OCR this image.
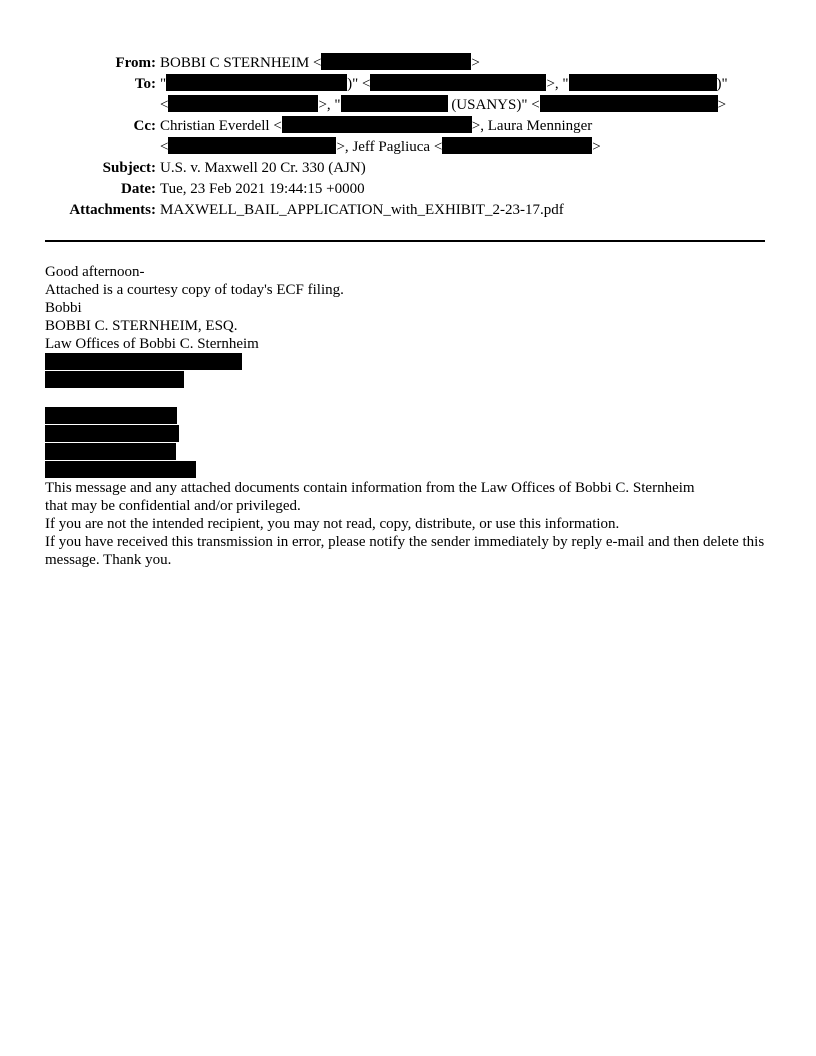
From: BOBBI C STERNHEIM <	>
To: "	)" <	>, "	)"
<	>, "	(USANYS)" <	>
Cc: Christian Everdell <	>, Laura Menninger
<	>, Jeff Pagliuca <	>
Subject: U.S. v. Maxwell 20 Cr. 330 (AJN)
Date: Tue, 23 Feb 2021 19:44:15 +0000
Attachments: MAXWELL_BAIL_APPLICATION_with_EXHIBIT_2-23-17.pdf

Good afternoon-

Attached is a courtesy copy of today's ECF filing.

Bobbi

BOBBI C. STERNHEIM, ESQ.

Law Offices of Bobbi C. Sternheim

This message and any attached documents contain information from the Law Offices of Bobbi C. Sternheim

that may be confidential and/or privileged.

If you are not the intended recipient, you may not read, copy, distribute, or use this information.

If you have received this transmission in error, please notify the sender immediately by reply e-mail and then delete this message. Thank you.
